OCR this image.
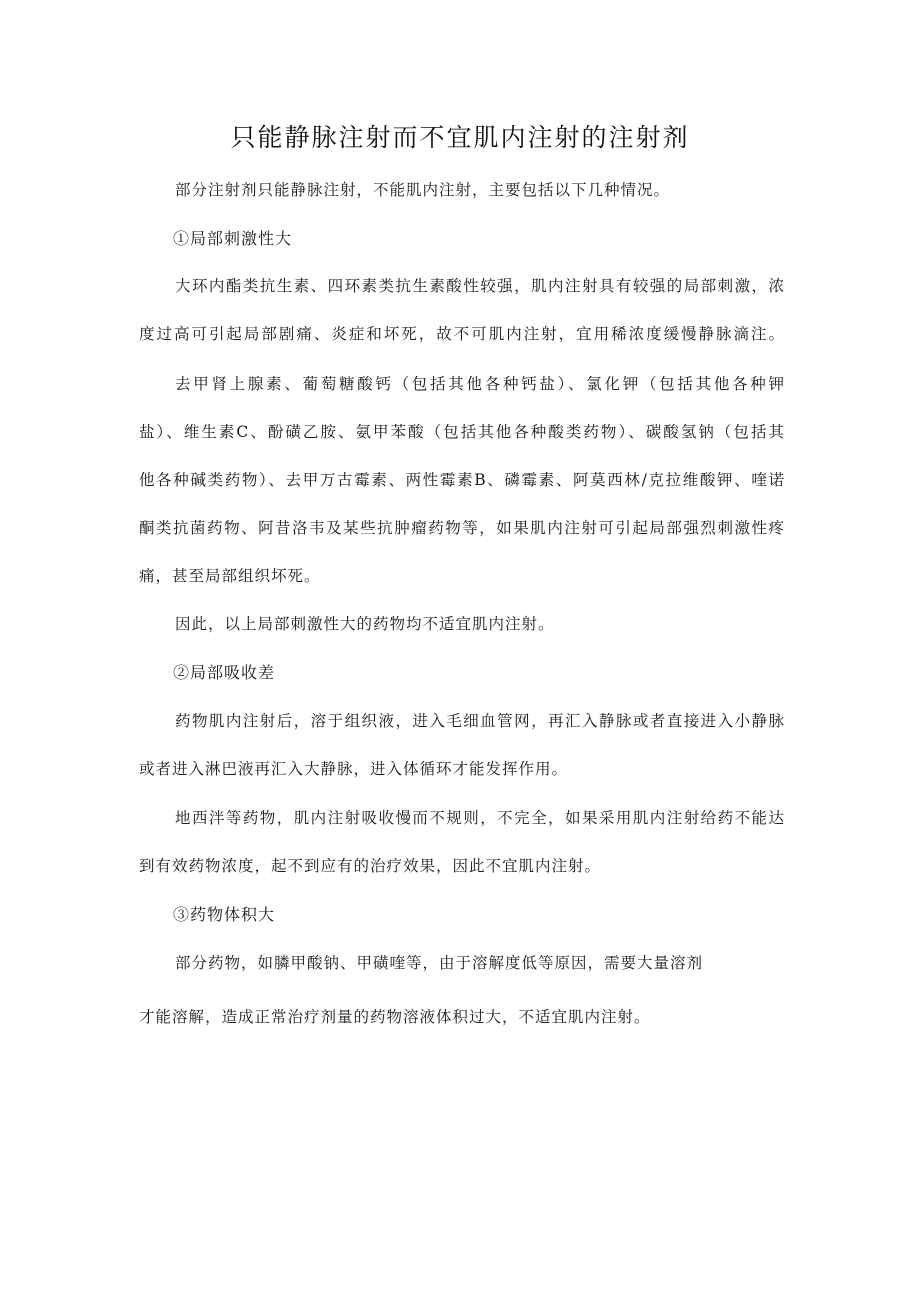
只能静脉注射而不宜肌内注射的注射剂

部分注射剂只能静脉注射，不能肌内注射，主要包括以下几种情况。

①局部刺激性大

大环内酯类抗生素、四环素类抗生素酸性较强，肌内注射具有较强的局部刺激，浓

度过高可引起局部剧痛、炎症和坏死，故不可肌内注射，宜用稀浓度缓慢静脉滴注。

去甲肾上腺素、葡萄糖酸钙（包括其他各种钙盐）、氯化钾（包括其他各种钾

盐）、维生素C、酚磺乙胺、氨甲苯酸（包括其他各种酸类药物）、碳酸氢钠（包括其

他各种碱类药物）、去甲万古霉素、两性霉素B、磷霉素、阿莫西林/克拉维酸钾、喹诺

酮类抗菌药物、阿昔洛韦及某些抗肿瘤药物等，如果肌内注射可引起局部强烈刺激性疼

痛，甚至局部组织坏死。

因此，以上局部刺激性大的药物均不适宜肌内注射。

②局部吸收差

药物肌内注射后，溶于组织液，进入毛细血管网，再汇入静脉或者直接进入小静脉

或者进入淋巴液再汇入大静脉，进入体循环才能发挥作用。

地西泮等药物，肌内注射吸收慢而不规则，不完全，如果采用肌内注射给药不能达

到有效药物浓度，起不到应有的治疗效果，因此不宜肌内注射。

③药物体积大

部分药物，如膦甲酸钠、甲磺喹等，由于溶解度低等原因，需要大量溶剂

才能溶解，造成正常治疗剂量的药物溶液体积过大，不适宜肌内注射。
